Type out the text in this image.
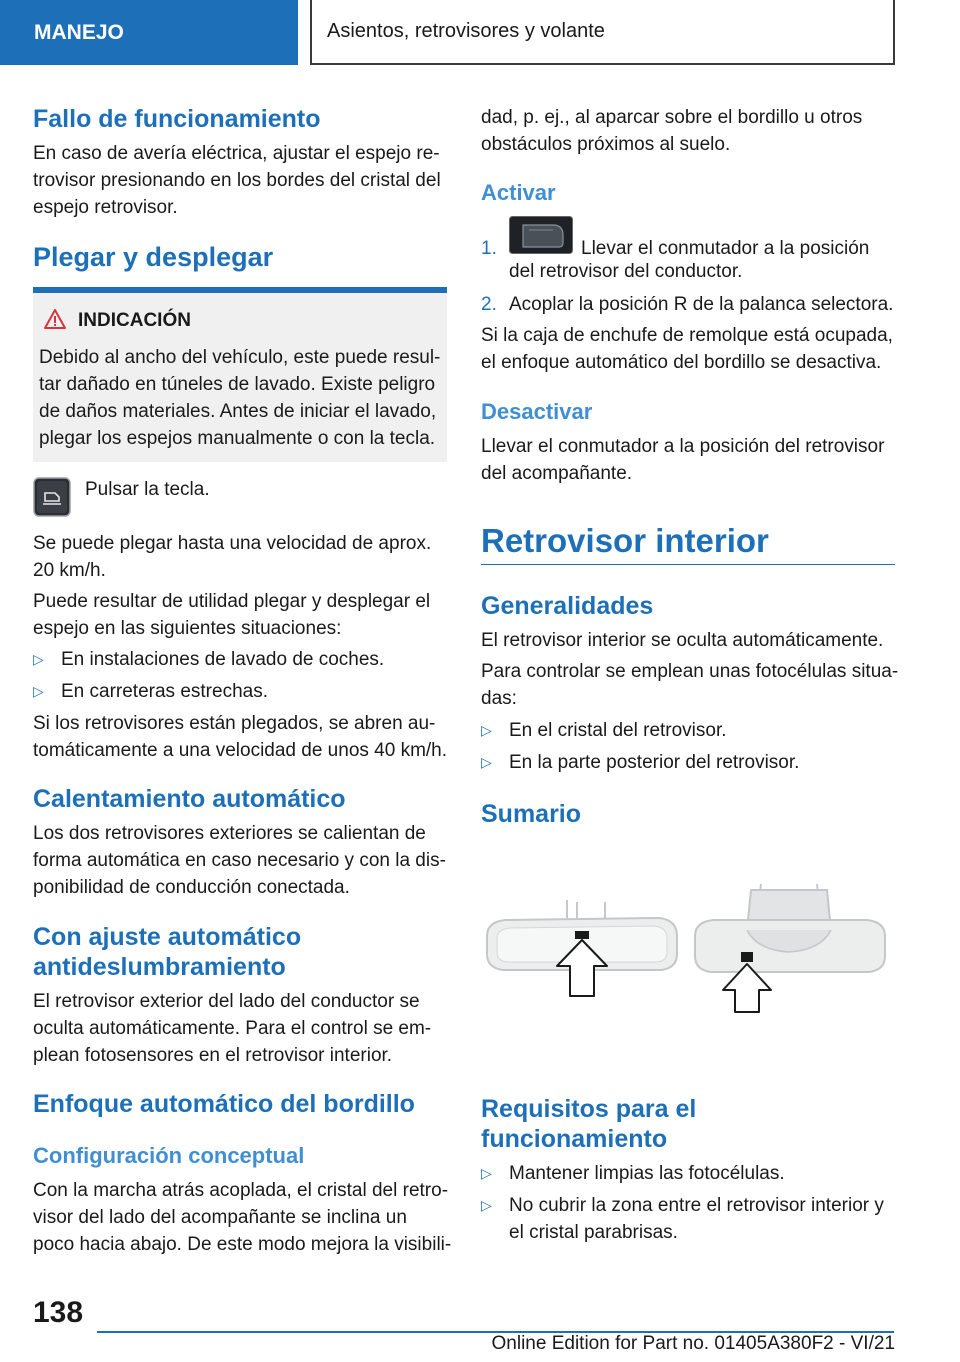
MANEJO	Asientos, retrovisores y volante
Fallo de funcionamiento
En caso de avería eléctrica, ajustar el espejo re-
trovisor presionando en los bordes del cristal del
espejo retrovisor.
Plegar y desplegar
INDICACIÓN
Debido al ancho del vehículo, este puede resul-
tar dañado en túneles de lavado. Existe peligro
de daños materiales. Antes de iniciar el lavado,
plegar los espejos manualmente o con la tecla.
Pulsar la tecla.
Se puede plegar hasta una velocidad de aprox.
20 km/h.
Puede resultar de utilidad plegar y desplegar el
espejo en las siguientes situaciones:
▷ En instalaciones de lavado de coches.
▷ En carreteras estrechas.
Si los retrovisores están plegados, se abren au-
tomáticamente a una velocidad de unos 40 km/h.
Calentamiento automático
Los dos retrovisores exteriores se calientan de
forma automática en caso necesario y con la dis-
ponibilidad de conducción conectada.
Con ajuste automático
antideslumbramiento
El retrovisor exterior del lado del conductor se
oculta automáticamente. Para el control se em-
plean fotosensores en el retrovisor interior.
Enfoque automático del bordillo
Configuración conceptual
Con la marcha atrás acoplada, el cristal del retro-
visor del lado del acompañante se inclina un
poco hacia abajo. De este modo mejora la visibili-
dad, p. ej., al aparcar sobre el bordillo u otros
obstáculos próximos al suelo.
Activar
1.	Llevar el conmutador a la posición
del retrovisor del conductor.
2. Acoplar la posición R de la palanca selectora.
Si la caja de enchufe de remolque está ocupada,
el enfoque automático del bordillo se desactiva.
Desactivar
Llevar el conmutador a la posición del retrovisor
del acompañante.
Retrovisor interior
Generalidades
El retrovisor interior se oculta automáticamente.
Para controlar se emplean unas fotocélulas situa-
das:
▷ En el cristal del retrovisor.
▷ En la parte posterior del retrovisor.
Sumario
Requisitos para el
funcionamiento
▷ Mantener limpias las fotocélulas.
▷ No cubrir la zona entre el retrovisor interior y
el cristal parabrisas.
138
Online Edition for Part no. 01405A380F2 - VI/21
